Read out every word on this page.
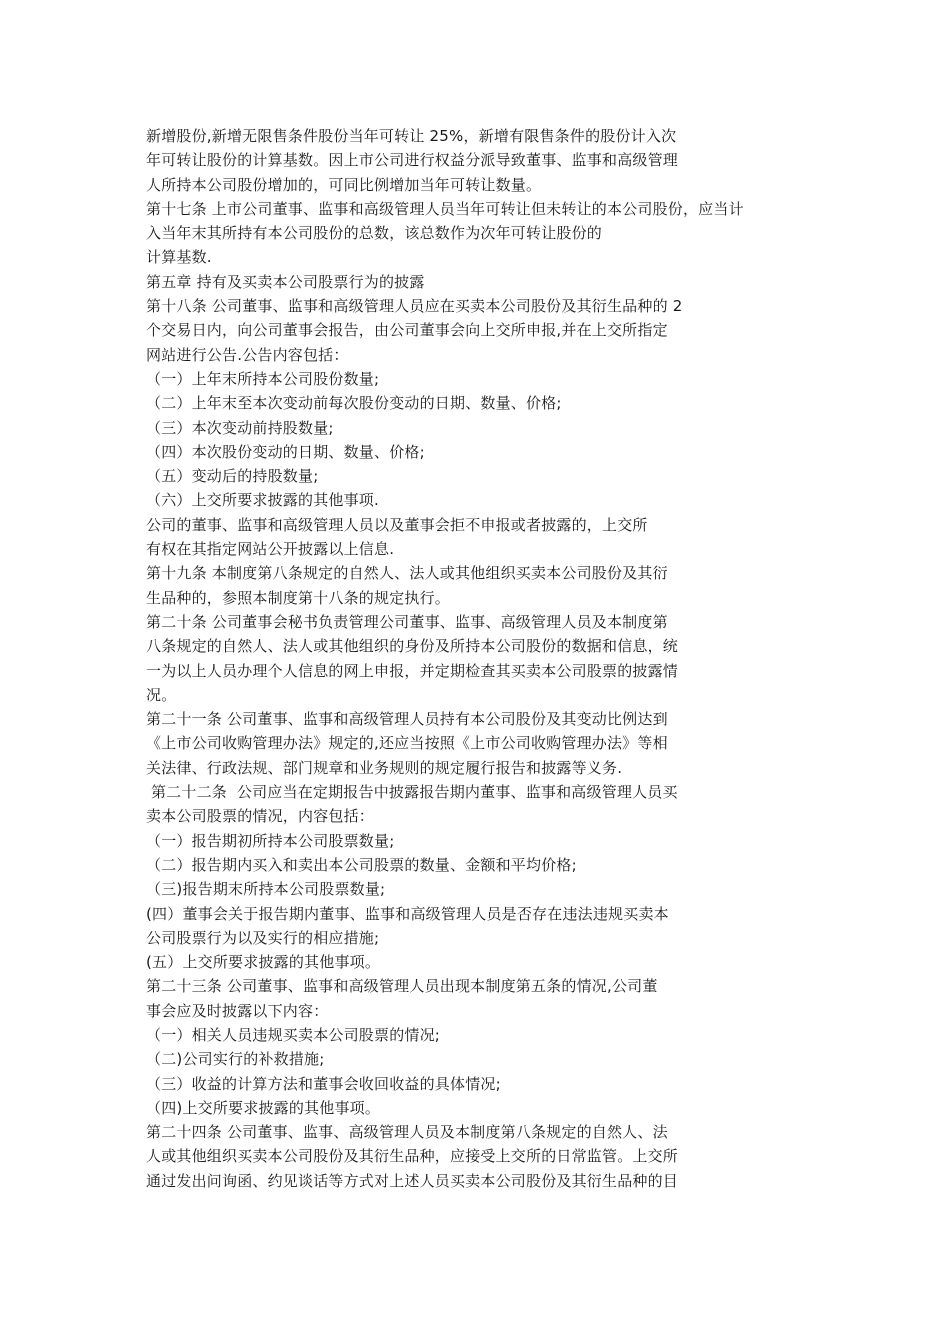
新增股份,新增无限售条件股份当年可转让 25%，新增有限售条件的股份计入次
年可转让股份的计算基数。因上市公司进行权益分派导致董事、监事和高级管理
人所持本公司股份增加的，可同比例增加当年可转让数量。
第十七条 上市公司董事、监事和高级管理人员当年可转让但未转让的本公司股份，应当计
入当年末其所持有本公司股份的总数，该总数作为次年可转让股份的
计算基数.
第五章 持有及买卖本公司股票行为的披露
第十八条 公司董事、监事和高级管理人员应在买卖本公司股份及其衍生品种的 2
个交易日内，向公司董事会报告，由公司董事会向上交所申报,并在上交所指定
网站进行公告.公告内容包括：
（一）上年末所持本公司股份数量;
（二）上年末至本次变动前每次股份变动的日期、数量、价格;
（三）本次变动前持股数量;
（四）本次股份变动的日期、数量、价格;
（五）变动后的持股数量;
（六）上交所要求披露的其他事项.
公司的董事、监事和高级管理人员以及董事会拒不申报或者披露的，上交所
有权在其指定网站公开披露以上信息.
第十九条 本制度第八条规定的自然人、法人或其他组织买卖本公司股份及其衍
生品种的，参照本制度第十八条的规定执行。
第二十条 公司董事会秘书负责管理公司董事、监事、高级管理人员及本制度第
八条规定的自然人、法人或其他组织的身份及所持本公司股份的数据和信息，统
一为以上人员办理个人信息的网上申报，并定期检查其买卖本公司股票的披露情
况。
第二十一条 公司董事、监事和高级管理人员持有本公司股份及其变动比例达到
《上市公司收购管理办法》规定的,还应当按照《上市公司收购管理办法》等相
关法律、行政法规、部门规章和业务规则的规定履行报告和披露等义务.
第二十二条  公司应当在定期报告中披露报告期内董事、监事和高级管理人员买
卖本公司股票的情况，内容包括：
（一）报告期初所持本公司股票数量;
（二）报告期内买入和卖出本公司股票的数量、金额和平均价格;
（三)报告期末所持本公司股票数量;
(四）董事会关于报告期内董事、监事和高级管理人员是否存在违法违规买卖本
公司股票行为以及实行的相应措施;
(五）上交所要求披露的其他事项。
第二十三条 公司董事、监事和高级管理人员出现本制度第五条的情况,公司董
事会应及时披露以下内容：
（一）相关人员违规买卖本公司股票的情况;
（二)公司实行的补救措施;
（三）收益的计算方法和董事会收回收益的具体情况;
（四)上交所要求披露的其他事项。
第二十四条 公司董事、监事、高级管理人员及本制度第八条规定的自然人、法
人或其他组织买卖本公司股份及其衍生品种，应接受上交所的日常监管。上交所
通过发出问询函、约见谈话等方式对上述人员买卖本公司股份及其衍生品种的目
